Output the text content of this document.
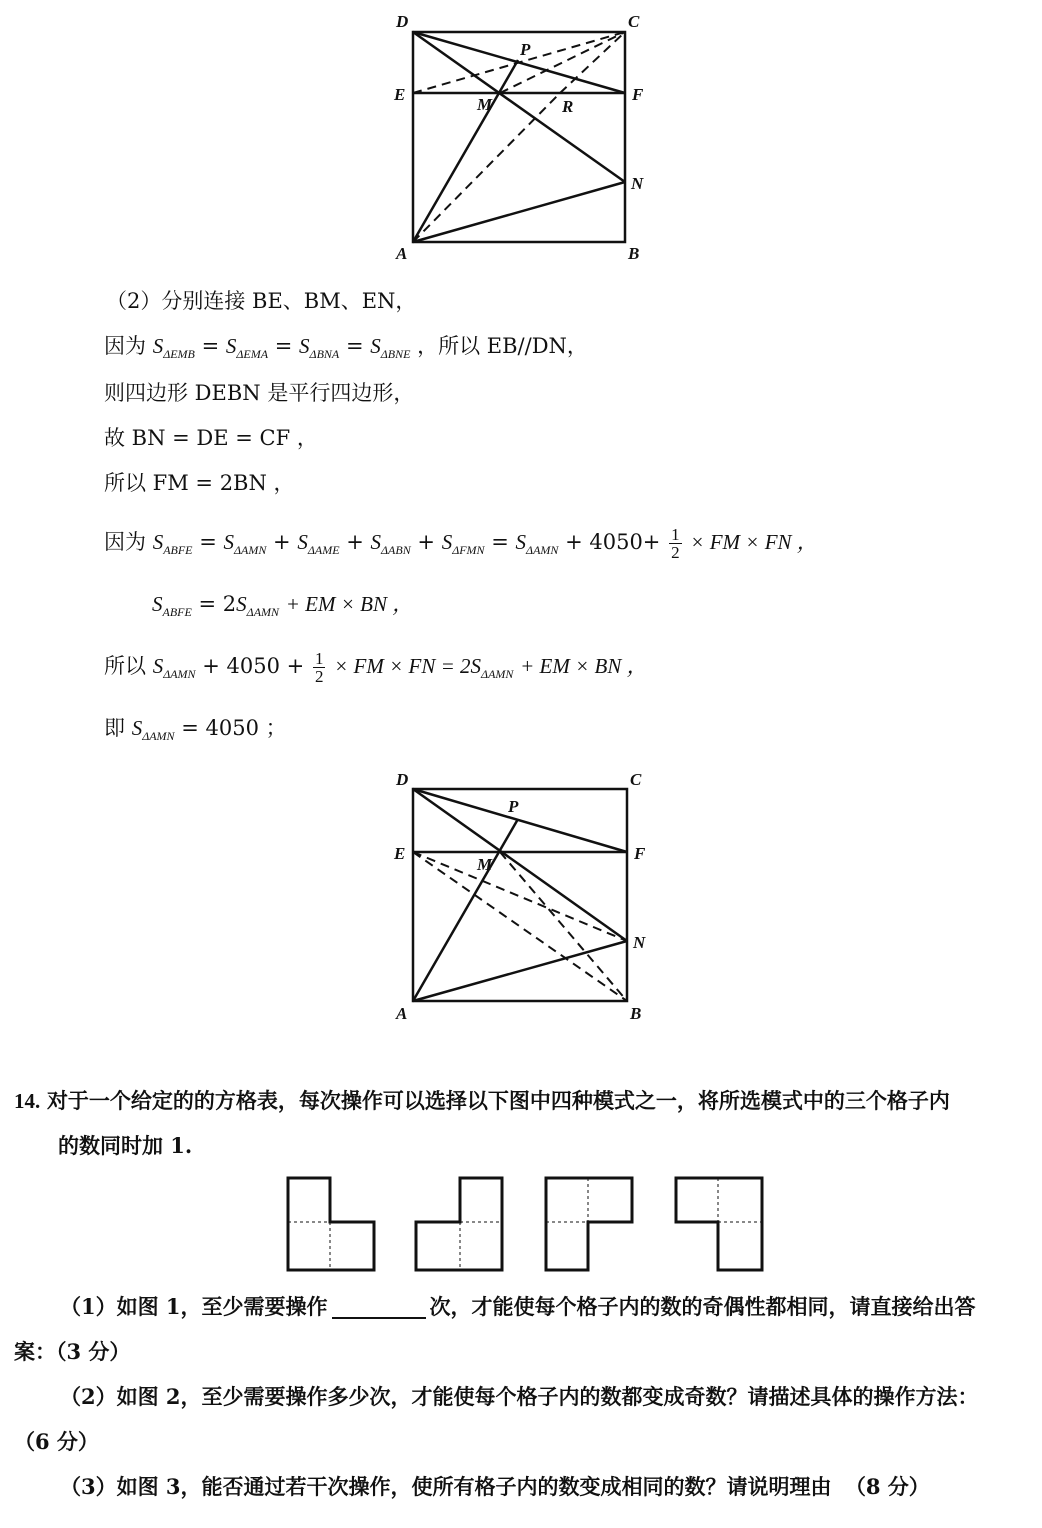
D	C
P
E
M	R
F
N
A	B
（2）分别连接 BE、BM、EN，
因为 $S_{\Delta EMB} = S_{\Delta EMA} = S_{\Delta BNA} = S_{\Delta BNE}$ ，所以 EB//DN，
则四边形 DEBN 是平行四边形，
故 BN = DE = CF ，
所以 FM = 2BN ，
因为 $S_{ABFE} = S_{\Delta AMN} + S_{\Delta AME} + S_{\Delta ABN} + S_{\Delta FMN} = S_{\Delta AMN} + 4050+ \frac{1}{2}$ × FM × FN ，
$S_{ABFE} = 2S_{\Delta AMN}$ + EM × BN ，
所以 $S_{\Delta AMN} + 4050 + \frac{1}{2}$ × FM × FN = $2S_{\Delta AMN}$ + EM × BN ，
即 $S_{\Delta AMN} = 4050$ ；
D	C
P
E
M
F
N
A	B
14. 对于一个给定的的方格表，每次操作可以选择以下图中四种模式之一，将所选模式中的三个格子内
的数同时加 1.
（1）如图 1，至少需要操作	次，才能使每个格子内的数的奇偶性都相同，请直接给出答
案：（3 分）
（2）如图 2，至少需要操作多少次，才能使每个格子内的数都变成奇数？请描述具体的操作方法：
（6 分）
（3）如图 3，能否通过若干次操作，使所有格子内的数变成相同的数？请说明理由 （8 分）
